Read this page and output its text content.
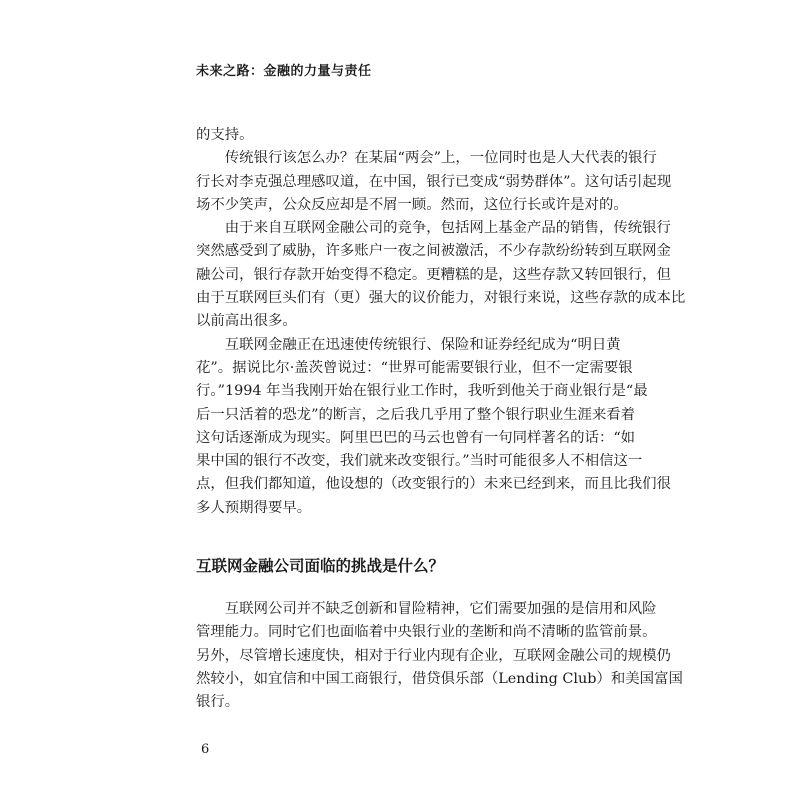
未来之路：金融的力量与责任

的支持。

　　传统银行该怎么办？在某届“两会”上，一位同时也是人大代表的银行
行长对李克强总理感叹道，在中国，银行已变成“弱势群体”。这句话引起现
场不少笑声，公众反应却是不屑一顾。然而，这位行长或许是对的。

　　由于来自互联网金融公司的竞争，包括网上基金产品的销售，传统银行
突然感受到了威胁，许多账户一夜之间被激活，不少存款纷纷转到互联网金
融公司，银行存款开始变得不稳定。更糟糕的是，这些存款又转回银行，但
由于互联网巨头们有（更）强大的议价能力，对银行来说，这些存款的成本比
以前高出很多。

　　互联网金融正在迅速使传统银行、保险和证券经纪成为“明日黄
花”。据说比尔·盖茨曾说过：“世界可能需要银行业，但不一定需要银
行。”1994 年当我刚开始在银行业工作时，我听到他关于商业银行是“最
后一只活着的恐龙”的断言，之后我几乎用了整个银行职业生涯来看着
这句话逐渐成为现实。阿里巴巴的马云也曾有一句同样著名的话：“如
果中国的银行不改变，我们就来改变银行。”当时可能很多人不相信这一
点，但我们都知道，他设想的（改变银行的）未来已经到来，而且比我们很
多人预期得要早。

互联网金融公司面临的挑战是什么？

　　互联网公司并不缺乏创新和冒险精神，它们需要加强的是信用和风险
管理能力。同时它们也面临着中央银行业的垄断和尚不清晰的监管前景。
另外，尽管增长速度快，相对于行业内现有企业，互联网金融公司的规模仍
然较小，如宜信和中国工商银行，借贷俱乐部（Lending Club）和美国富国
银行。

6
